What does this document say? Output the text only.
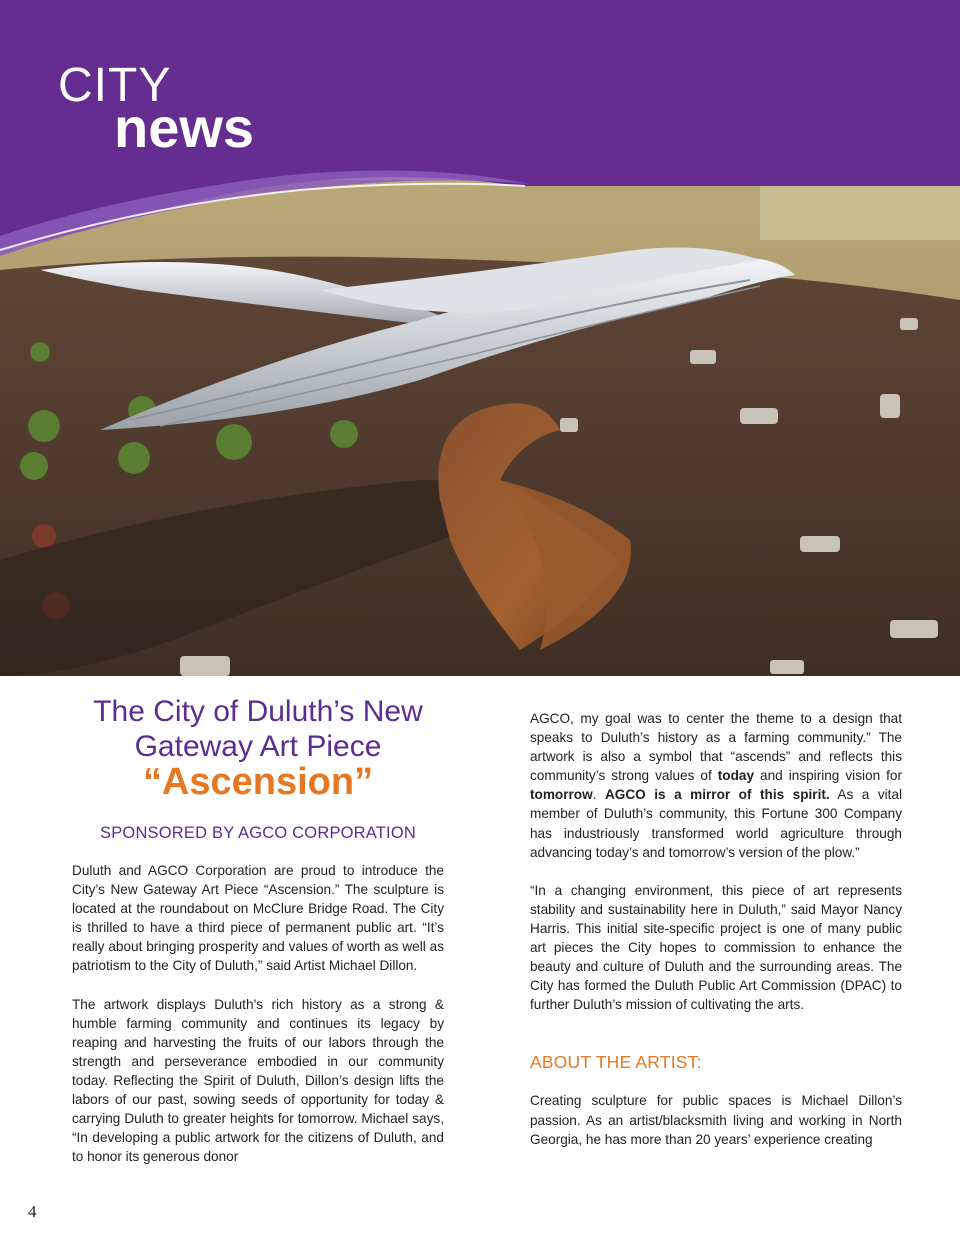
CITY
news
The City of Duluth’s New
Gateway Art Piece
“Ascension”
SPONSORED BY AGCO CORPORATION

Duluth and AGCO Corporation are proud to introduce the City’s New Gateway Art Piece “Ascension.” The sculpture is located at the roundabout on McClure Bridge Road. The City is thrilled to have a third piece of permanent public art. “It’s really about bringing prosperity and values of worth as well as patriotism to the City of Duluth,” said Artist Michael Dillon.

The artwork displays Duluth’s rich history as a strong & humble farming community and continues its legacy by reaping and harvesting the fruits of our labors through the strength and perseverance embodied in our community today. Reflecting the Spirit of Duluth, Dillon’s design lifts the labors of our past, sowing seeds of opportunity for today & carrying Duluth to greater heights for tomorrow. Michael says, “In developing a public artwork for the citizens of Duluth, and to honor its generous donor

AGCO, my goal was to center the theme to a design that speaks to Duluth’s history as a farming community.” The artwork is also a symbol that “ascends” and reflects this community’s strong values of today and inspiring vision for tomorrow. AGCO is a mirror of this spirit. As a vital member of Duluth’s community, this Fortune 300 Company has industriously transformed world agriculture through advancing today’s and tomorrow’s version of the plow.”

“In a changing environment, this piece of art represents stability and sustainability here in Duluth,” said Mayor Nancy Harris. This initial site-specific project is one of many public art pieces the City hopes to commission to enhance the beauty and culture of Duluth and the surrounding areas. The City has formed the Duluth Public Art Commission (DPAC) to further Duluth’s mission of cultivating the arts.

ABOUT THE ARTIST:

Creating sculpture for public spaces is Michael Dillon’s passion. As an artist/blacksmith living and working in North Georgia, he has more than 20 years’ experience creating

4
